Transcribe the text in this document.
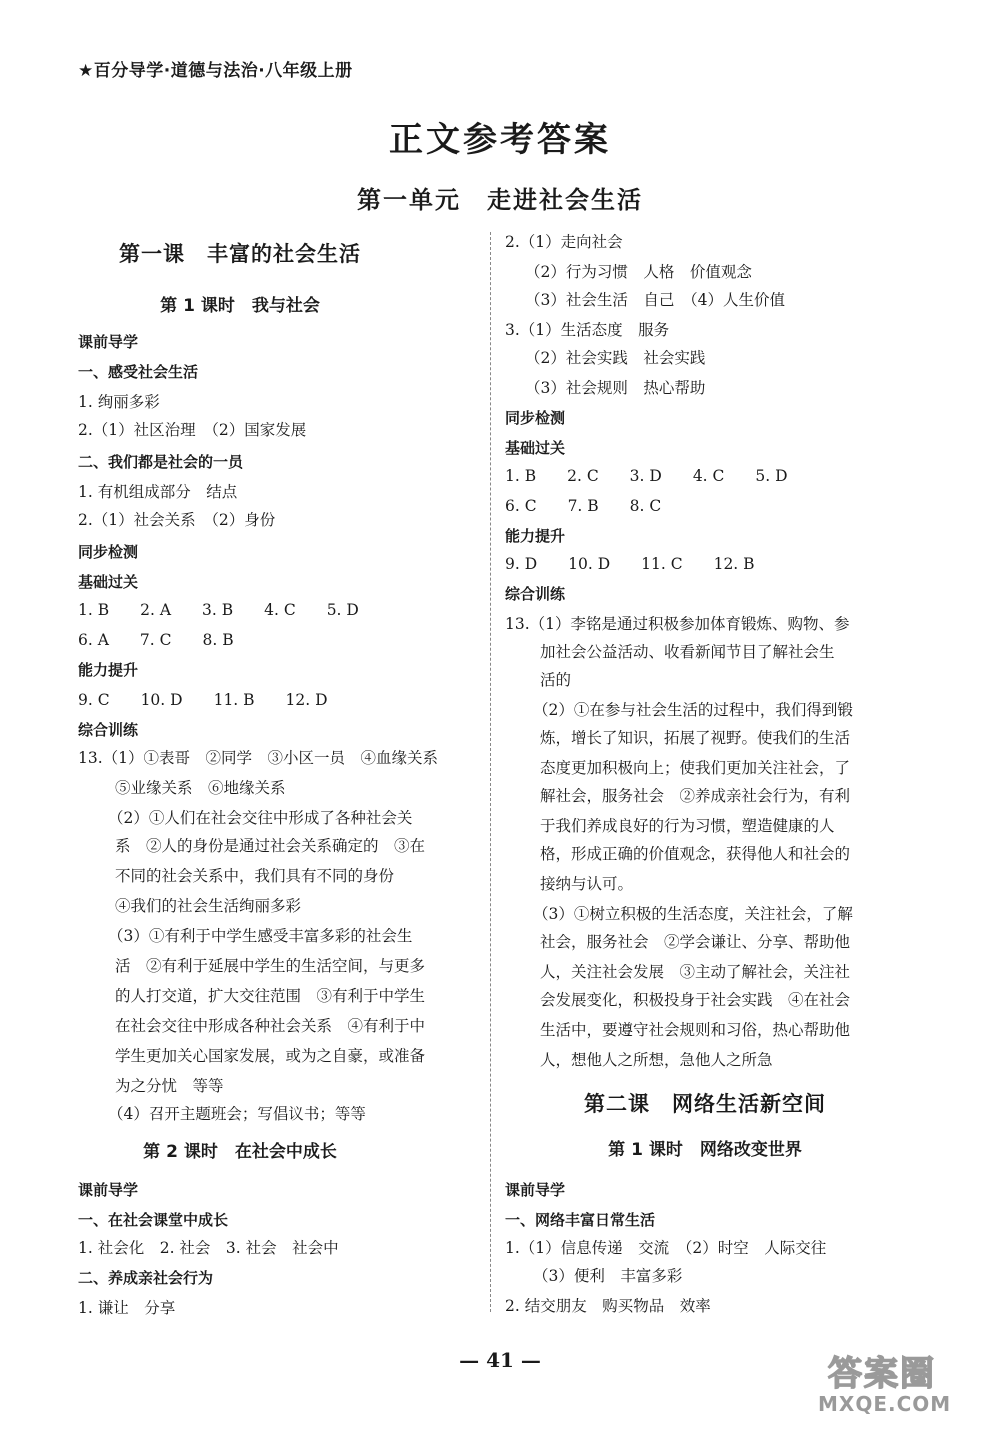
★百分导学·道德与法治·八年级上册
正文参考答案
第一单元　走进社会生活
第一课　丰富的社会生活
第 1 课时　我与社会
课前导学
一、感受社会生活
1. 绚丽多彩
2.（1）社区治理　（2）国家发展
二、我们都是社会的一员
1. 有机组成部分　结点
2.（1）社会关系　（2）身份
同步检测
基础过关
1. B　　2. A　　3. B　　4. C　　5. D
6. A　　7. C　　8. B
能力提升
9. C　　10. D　　11. B　　12. D
综合训练
13.（1）①表哥　②同学　③小区一员　④血缘关系
⑤业缘关系　⑥地缘关系
（2）①人们在社会交往中形成了各种社会关
系　②人的身份是通过社会关系确定的　③在
不同的社会关系中，我们具有不同的身份
④我们的社会生活绚丽多彩
（3）①有利于中学生感受丰富多彩的社会生
活　②有利于延展中学生的生活空间，与更多
的人打交道，扩大交往范围　③有利于中学生
在社会交往中形成各种社会关系　④有利于中
学生更加关心国家发展，或为之自豪，或准备
为之分忧　等等
（4）召开主题班会；写倡议书；等等
第 2 课时　在社会中成长
课前导学
一、在社会课堂中成长
1. 社会化　2. 社会　3. 社会　社会中
二、养成亲社会行为
1. 谦让　分享
2.（1）走向社会
（2）行为习惯　人格　价值观念
（3）社会生活　自己　（4）人生价值
3.（1）生活态度　服务
（2）社会实践　社会实践
（3）社会规则　热心帮助
同步检测
基础过关
1. B　　2. C　　3. D　　4. C　　5. D
6. C　　7. B　　8. C
能力提升
9. D　　10. D　　11. C　　12. B
综合训练
13.（1）李铭是通过积极参加体育锻炼、购物、参
加社会公益活动、收看新闻节目了解社会生
活的
（2）①在参与社会生活的过程中，我们得到锻
炼，增长了知识，拓展了视野。使我们的生活
态度更加积极向上；使我们更加关注社会，了
解社会，服务社会　②养成亲社会行为，有利
于我们养成良好的行为习惯，塑造健康的人
格，形成正确的价值观念，获得他人和社会的
接纳与认可。
（3）①树立积极的生活态度，关注社会，了解
社会，服务社会　②学会谦让、分享、帮助他
人，关注社会发展　③主动了解社会，关注社
会发展变化，积极投身于社会实践　④在社会
生活中，要遵守社会规则和习俗，热心帮助他
人，想他人之所想，急他人之所急
第二课　网络生活新空间
第 1 课时　网络改变世界
课前导学
一、网络丰富日常生活
1.（1）信息传递　交流　（2）时空　人际交往
（3）便利　丰富多彩
2. 结交朋友　购买物品　效率
— 41 —	答案圈
MXQE.COM
